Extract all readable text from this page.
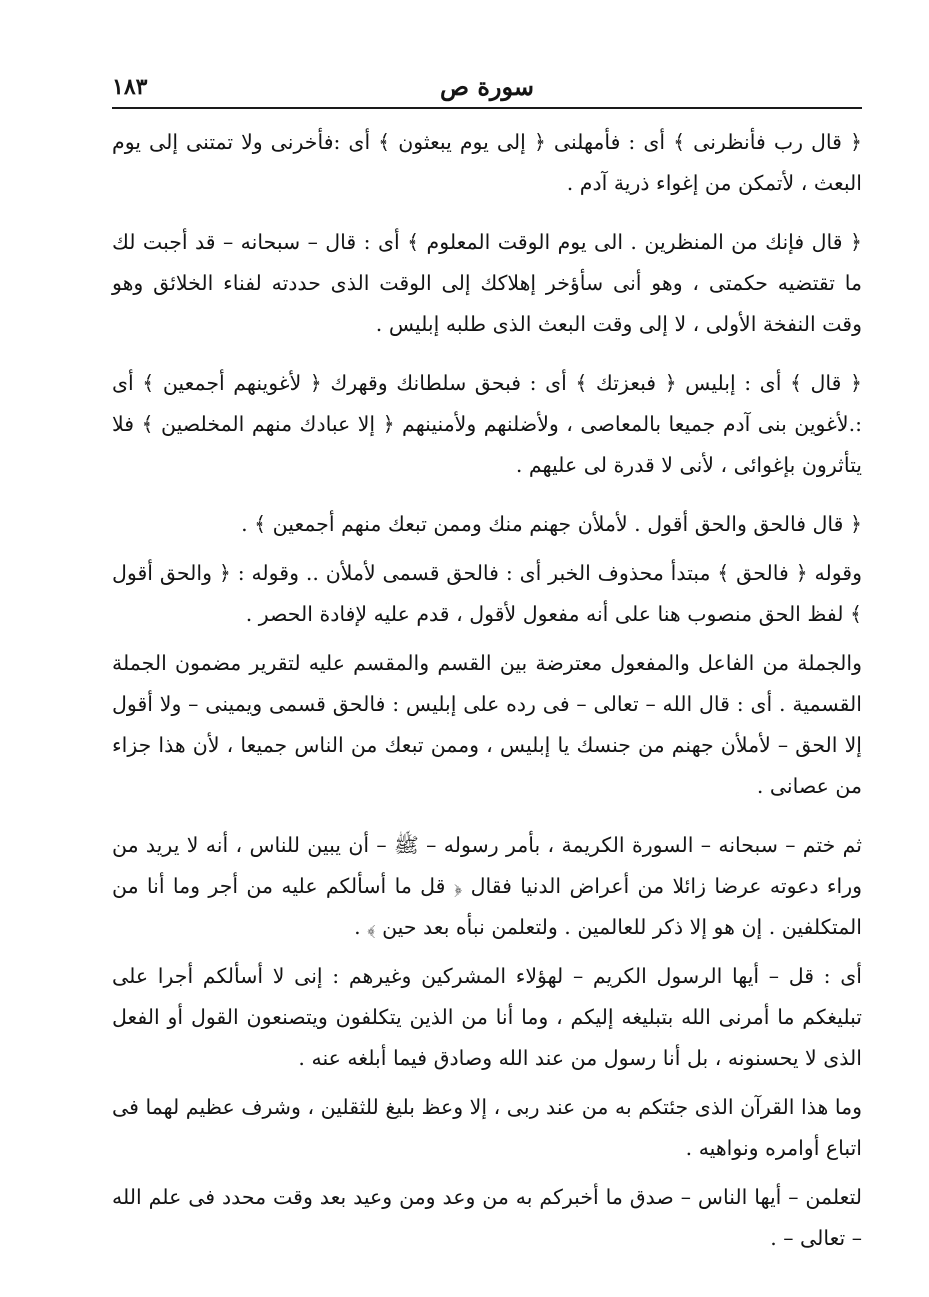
١٨٣	سورة ص

﴿ قال رب فأنظرنى ﴾ أى : فأمهلنى ﴿ إلى يوم يبعثون ﴾ أى :فأخرنى ولا تمتنى إلى يوم البعث ، لأتمكن من إغواء ذرية آدم .

﴿ قال فإنك من المنظرين . الى يوم الوقت المعلوم ﴾ أى : قال – سبحانه – قد أجبت لك ما تقتضيه حكمتى ، وهو أنى سأؤخر إهلاكك إلى الوقت الذى حددته لفناء الخلائق وهو وقت النفخة الأولى ، لا إلى وقت البعث الذى طلبه إبليس .

﴿ قال ﴾ أى : إبليس ﴿ فبعزتك ﴾ أى : فبحق سلطانك وقهرك ﴿ لأغوينهم أجمعين ﴾ أى :.لأغوين بنى آدم جميعا بالمعاصى ، ولأضلنهم ولأمنينهم ﴿ إلا عبادك منهم المخلصين ﴾ فلا يتأثرون بإغوائى ، لأنى لا قدرة لى عليهم .

﴿ قال فالحق والحق أقول . لأملأن جهنم منك وممن تبعك منهم أجمعين ﴾ .

وقوله ﴿ فالحق ﴾ مبتدأ محذوف الخبر أى : فالحق قسمى لأملأن .. وقوله : ﴿ والحق أقول ﴾ لفظ الحق منصوب هنا على أنه مفعول لأقول ، قدم عليه لإفادة الحصر .

والجملة من الفاعل والمفعول معترضة بين القسم والمقسم عليه لتقرير مضمون الجملة القسمية . أى : قال الله – تعالى – فى رده على إبليس : فالحق قسمى ويمينى – ولا أقول إلا الحق – لأملأن جهنم من جنسك يا إبليس ، وممن تبعك من الناس جميعا ، لأن هذا جزاء من عصانى .

ثم ختم – سبحانه – السورة الكريمة ، بأمر رسوله – ﷺ – أن يبين للناس ، أنه لا يريد من وراء دعوته عرضا زائلا من أعراض الدنيا فقال ﴿ قل ما أسألكم عليه من أجر وما أنا من المتكلفين . إن هو إلا ذكر للعالمين . ولتعلمن نبأه بعد حين ﴾ .

أى : قل – أيها الرسول الكريم – لهؤلاء المشركين وغيرهم : إنى لا أسألكم أجرا على تبليغكم ما أمرنى الله بتبليغه إليكم ، وما أنا من الذين يتكلفون ويتصنعون القول أو الفعل الذى لا يحسنونه ، بل أنا رسول من عند الله وصادق فيما أبلغه عنه .

وما هذا القرآن الذى جئتكم به من عند ربى ، إلا وعظ بليغ للثقلين ، وشرف عظيم لهما فى اتباع أوامره ونواهيه .

لتعلمن – أيها الناس – صدق ما أخبركم به من وعد ومن وعيد بعد وقت محدد فى علم الله – تعالى – .
